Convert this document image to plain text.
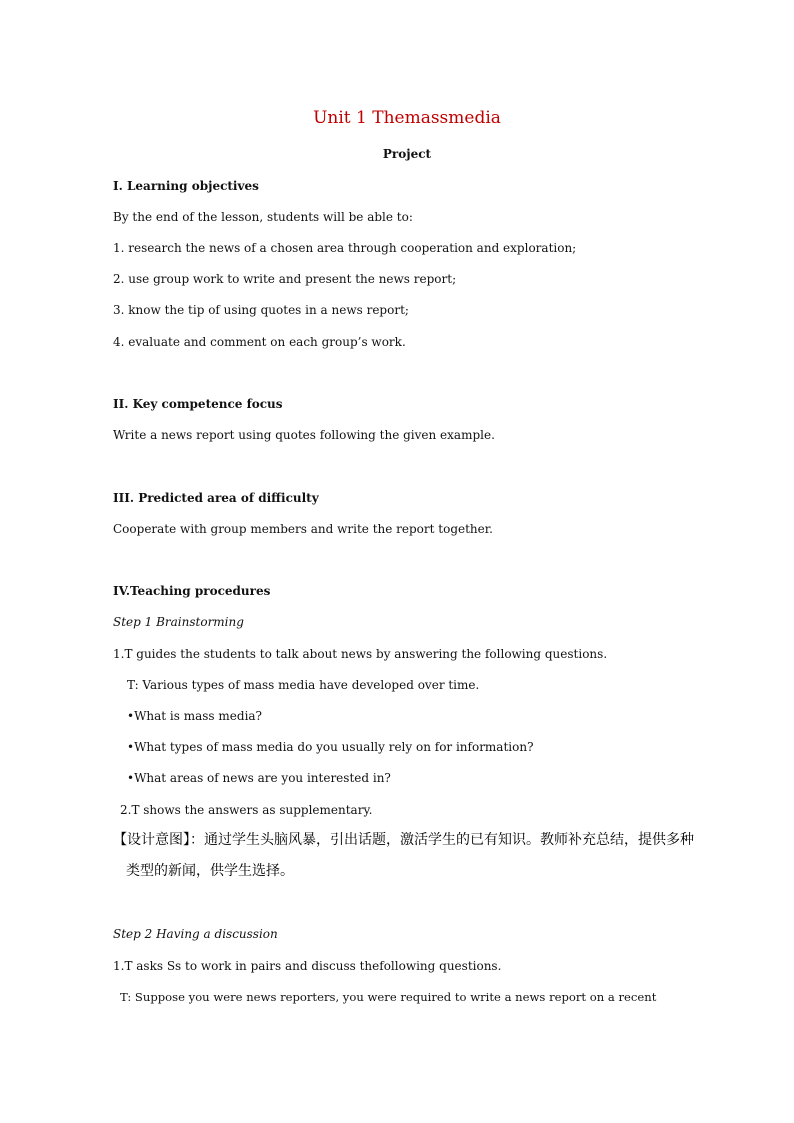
Unit 1 Themassmedia
Project
I. Learning objectives
By the end of the lesson, students will be able to:
1. research the news of a chosen area through cooperation and exploration;
2. use group work to write and present the news report;
3. know the tip of using quotes in a news report;
4. evaluate and comment on each group’s work.
II. Key competence focus
Write a news report using quotes following the given example.
III. Predicted area of difficulty
Cooperate with group members and write the report together.
IV.Teaching procedures
Step 1 Brainstorming
1.T guides the students to talk about news by answering the following questions.
T: Various types of mass media have developed over time.
•What is mass media?
•What types of mass media do you usually rely on for information?
•What areas of news are you interested in?
2.T shows the answers as supplementary.
【设计意图】：通过学生头脑风暴，引出话题，激活学生的已有知识。教师补充总结，提供多种
类型的新闻，供学生选择。
Step 2 Having a discussion
1.T asks Ss to work in pairs and discuss thefollowing questions.
T: Suppose you were news reporters, you were required to write a news report on a recent
